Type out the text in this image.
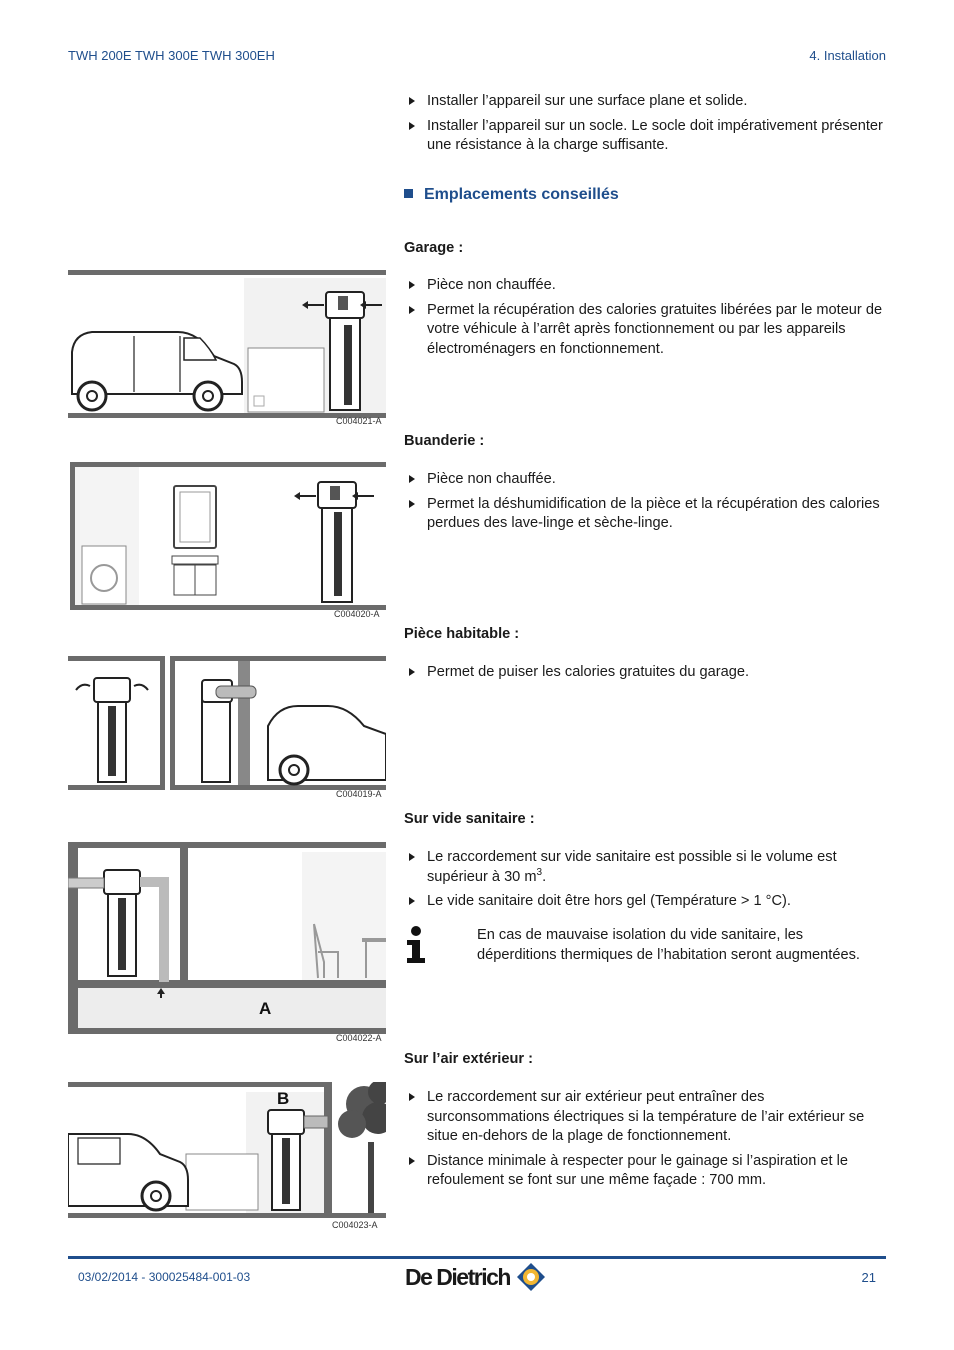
TWH 200E TWH 300E TWH 300EH	4. Installation
Installer l’appareil sur une surface plane et solide.
Installer l’appareil sur un socle. Le socle doit impérativement présenter une résistance à la charge suffisante.
Emplacements conseillés
Garage :
Pièce non chauffée.
Permet la récupération des calories gratuites libérées par le moteur de votre véhicule à l’arrêt après fonctionnement ou par les appareils électroménagers en fonctionnement.
C004021-A
Buanderie :
Pièce non chauffée.
Permet la déshumidification de la pièce et la récupération des calories perdues des lave-linge et sèche-linge.
C004020-A
Pièce habitable :
Permet de puiser les calories gratuites du garage.
C004019-A
Sur vide sanitaire :
Le raccordement sur vide sanitaire est possible si le volume est supérieur à 30 $m^3$.
Le vide sanitaire doit être hors gel (Température > 1 °C).
En cas de mauvaise isolation du vide sanitaire, les déperditions thermiques de l’habitation seront augmentées.
A
C004022-A
Sur l’air extérieur :
Le raccordement sur air extérieur peut entraîner des surconsommations électriques si la température de l’air extérieur se situe en-dehors de la plage de fonctionnement.
Distance minimale à respecter pour le gainage si l’aspiration et le refoulement se font sur une même façade : 700 mm.
B
C004023-A
03/02/2014 - 300025484-001-03	De Dietrich	21
